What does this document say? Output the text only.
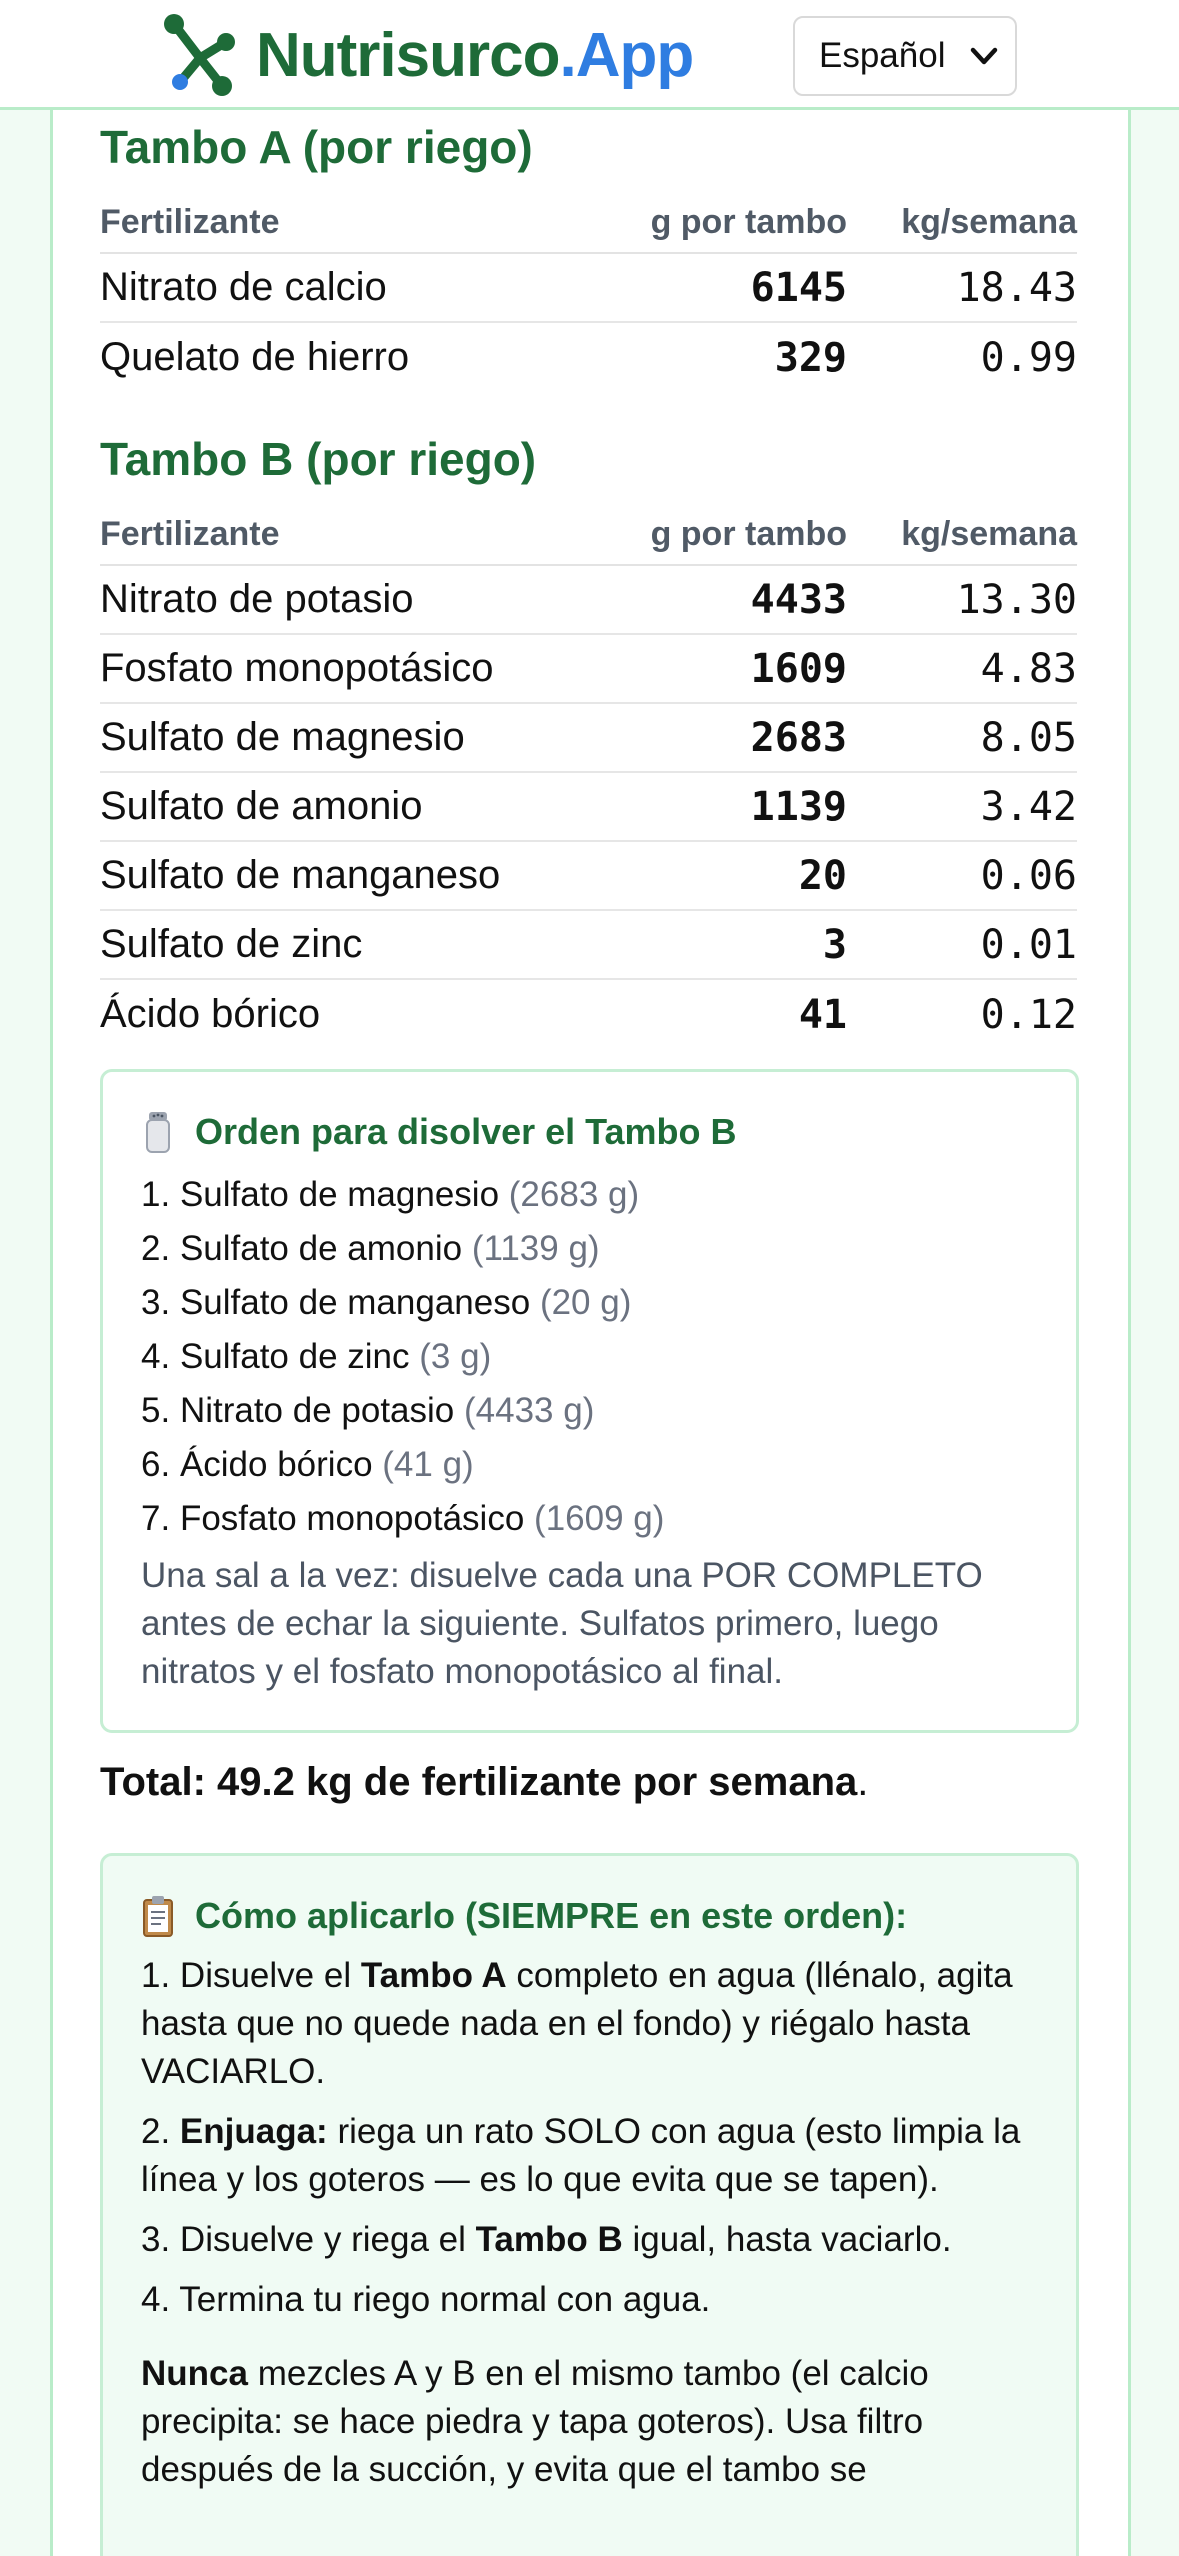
Nutrisurco.App	Español
Tambo A (por riego)
Fertilizante	g por tambo	kg/semana
Nitrato de calcio	6145	18.43
Quelato de hierro	329	0.99
Tambo B (por riego)
Fertilizante	g por tambo	kg/semana
Nitrato de potasio	4433	13.30
Fosfato monopotásico	1609	4.83
Sulfato de magnesio	2683	8.05
Sulfato de amonio	1139	3.42
Sulfato de manganeso	20	0.06
Sulfato de zinc	3	0.01
Ácido bórico	41	0.12
Orden para disolver el Tambo B
1. Sulfato de magnesio (2683 g)
2. Sulfato de amonio (1139 g)
3. Sulfato de manganeso (20 g)
4. Sulfato de zinc (3 g)
5. Nitrato de potasio (4433 g)
6. Ácido bórico (41 g)
7. Fosfato monopotásico (1609 g)
Una sal a la vez: disuelve cada una POR COMPLETO antes de echar la siguiente. Sulfatos primero, luego nitratos y el fosfato monopotásico al final.
Total: 49.2 kg de fertilizante por semana.
Cómo aplicarlo (SIEMPRE en este orden):
1. Disuelve el Tambo A completo en agua (llénalo, agita hasta que no quede nada en el fondo) y riégalo hasta VACIARLO.
2. Enjuaga: riega un rato SOLO con agua (esto limpia la línea y los goteros — es lo que evita que se tapen).
3. Disuelve y riega el Tambo B igual, hasta vaciarlo.
4. Termina tu riego normal con agua.
Nunca mezcles A y B en el mismo tambo (el calcio precipita: se hace piedra y tapa goteros). Usa filtro después de la succión, y evita que el tambo se
